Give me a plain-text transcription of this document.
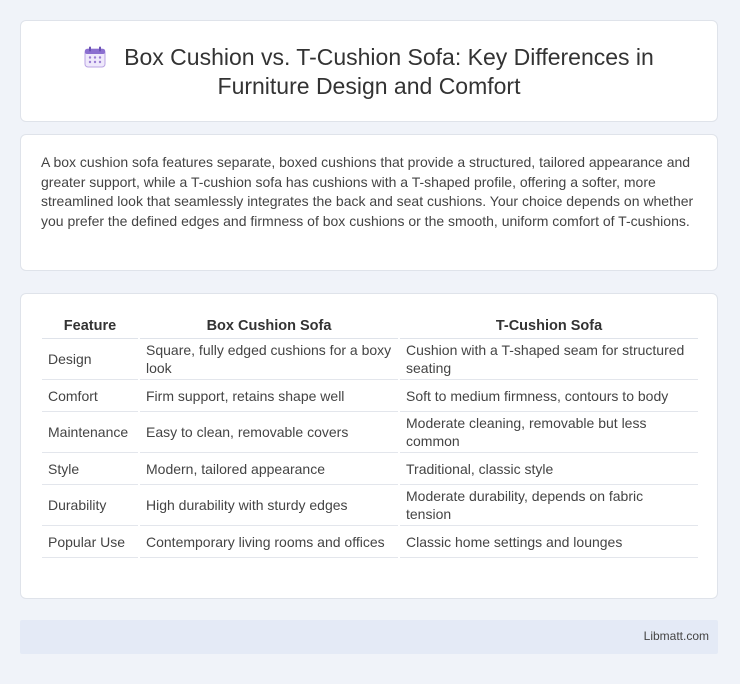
Box Cushion vs. T-Cushion Sofa: Key Differences in
Furniture Design and Comfort

A box cushion sofa features separate, boxed cushions that provide a structured, tailored appearance and greater support, while a T-cushion sofa has cushions with a T-shaped profile, offering a softer, more streamlined look that seamlessly integrates the back and seat cushions. Your choice depends on whether you prefer the defined edges and firmness of box cushions or the smooth, uniform comfort of T-cushions.

Feature	Box Cushion Sofa	T-Cushion Sofa
Design	Square, fully edged cushions for a boxy look	Cushion with a T-shaped seam for structured seating
Comfort	Firm support, retains shape well	Soft to medium firmness, contours to body
Maintenance	Easy to clean, removable covers	Moderate cleaning, removable but less common
Style	Modern, tailored appearance	Traditional, classic style
Durability	High durability with sturdy edges	Moderate durability, depends on fabric tension
Popular Use	Contemporary living rooms and offices	Classic home settings and lounges
Libmatt.com
